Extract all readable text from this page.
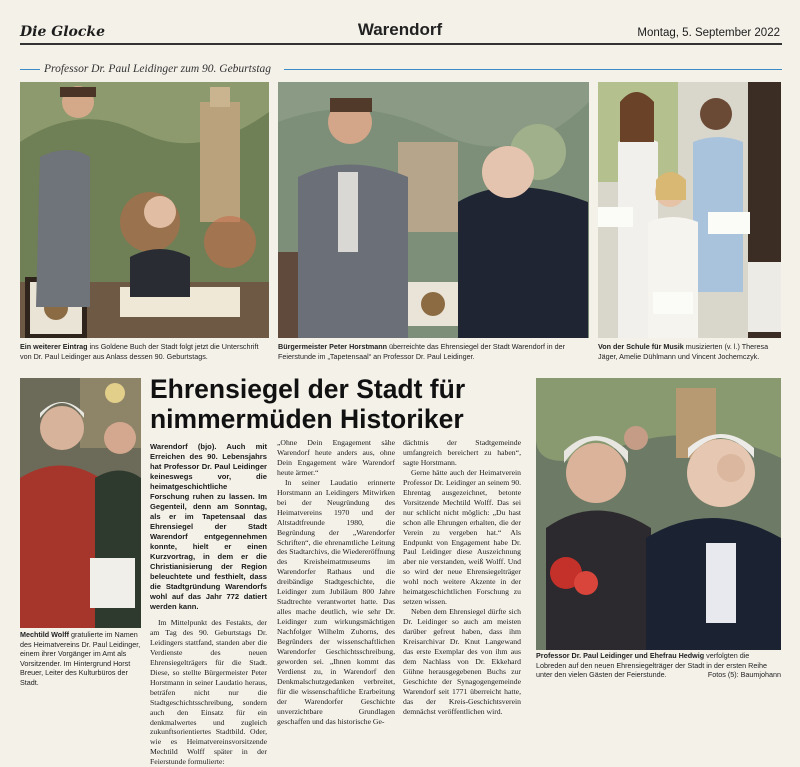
Die Glocke	Warendorf	Montag, 5. September 2022
Professor Dr. Paul Leidinger zum 90. Geburtstag
Ein weiterer Eintrag ins Goldene Buch der Stadt folgt jetzt die Unterschrift von Dr. Paul Leidinger aus Anlass dessen 90. Geburtstags.
Bürgermeister Peter Horstmann überreichte das Ehrensiegel der Stadt Warendorf in der Feierstunde im „Tapetensaal“ an Professor Dr. Paul Leidinger.
Von der Schule für Musik musizierten (v. l.) Theresa Jäger, Amelie Dühlmann und Vincent Jochemczyk.
Mechtild Wolff gratulierte im Namen des Heimatvereins Dr. Paul Leidinger, einem ihrer Vorgänger im Amt als Vorsitzender. Im Hintergrund Horst Breuer, Leiter des Kulturbüros der Stadt.
Ehrensiegel der Stadt für nimmermüden Historiker

Warendorf (bjo). Auch mit Erreichen des 90. Lebensjahrs hat Professor Dr. Paul Leidinger keineswegs vor, die heimatgeschichtliche Forschung ruhen zu lassen. Im Gegenteil, denn am Sonntag, als er im Tapetensaal das Ehrensiegel der Stadt Warendorf entgegennehmen konnte, hielt er einen Kurzvortrag, in dem er die Christianisierung der Region beleuchtete und festhielt, dass die Stadtgründung Warendorfs wohl auf das Jahr 772 datiert werden kann.

Im Mittelpunkt des Festakts, der am Tag des 90. Geburtstags Dr. Leidingers stattfand, standen aber die Verdienste des neuen Ehrensiegelträgers für die Stadt. Diese, so stellte Bürgermeister Peter Horstmann in seiner Laudatio heraus, beträfen nicht nur die Stadtgeschichtsschreibung, sondern auch den Einsatz für ein denkmalwertes und zugleich zukunftsorientiertes Stadtbild. Oder, wie es Heimatvereinsvorsitzende Mechtild Wolff später in der Feierstunde formulierte:

„Ohne Dein Engagement sähe Warendorf heute anders aus, ohne Dein Engagement wäre Warendorf heute ärmer.“

In seiner Laudatio erinnerte Horstmann an Leidingers Mitwirken bei der Neugründung des Heimatvereins 1970 und der Altstadtfreunde 1980, die Begründung der „Warendorfer Schriften“, die ehrenamtliche Leitung des Stadtarchivs, die Wiedereröffnung des Kreisheimatmuseums im Warendorfer Rathaus und die dreibändige Stadtgeschichte, die Leidinger zum Jubiläum 800 Jahre Stadtrechte verantwortet hatte. Das alles mache deutlich, wie sehr Dr. Leidinger zum wirkungsmächtigen Nachfolger Wilhelm Zuhorns, des Begründers der wissenschaftlichen Warendorfer Geschichtsschreibung, geworden sei. „Ihnen kommt das Verdienst zu, in Warendorf den Denkmalschutzgedanken verbreitet, für die wissenschaftliche Erarbeitung der Warendorfer Geschichte unverzichtbare Grundlagen geschaffen und das historische Ge-

dächtnis der Stadtgemeinde umfangreich bereichert zu haben“, sagte Horstmann.

Gerne hätte auch der Heimatverein Professor Dr. Leidinger an seinem 90. Ehrentag ausgezeichnet, betonte Vorsitzende Mechtild Wolff. Das sei nur schlicht nicht möglich: „Du hast schon alle Ehrungen erhalten, die der Verein zu vergeben hat.“ Als Endpunkt von Engagement habe Dr. Paul Leidinger diese Auszeichnung aber nie verstanden, weiß Wolff. Und so wird der neue Ehrensiegelträger wohl noch weitere Akzente in der heimatgeschichtlichen Forschung zu setzen wissen.

Neben dem Ehrensiegel dürfte sich Dr. Leidinger so auch am meisten darüber gefreut haben, dass ihm Kreisarchivar Dr. Knut Langewand das erste Exemplar des von ihm aus dem Nachlass von Dr. Ekkehard Gühne herausgegebenen Buchs zur Geschichte der Synagogengemeinde Warendorf seit 1771 überreicht hatte, das der Kreis-Geschichtsverein demnächst veröffentlichen wird.

Professor Dr. Paul Leidinger und Ehefrau Hedwig verfolgten die Lobreden auf den neuen Ehrensiegelträger der Stadt in der ersten Reihe unter den vielen Gästen der Feierstunde.	Fotos (5): Baumjohann
